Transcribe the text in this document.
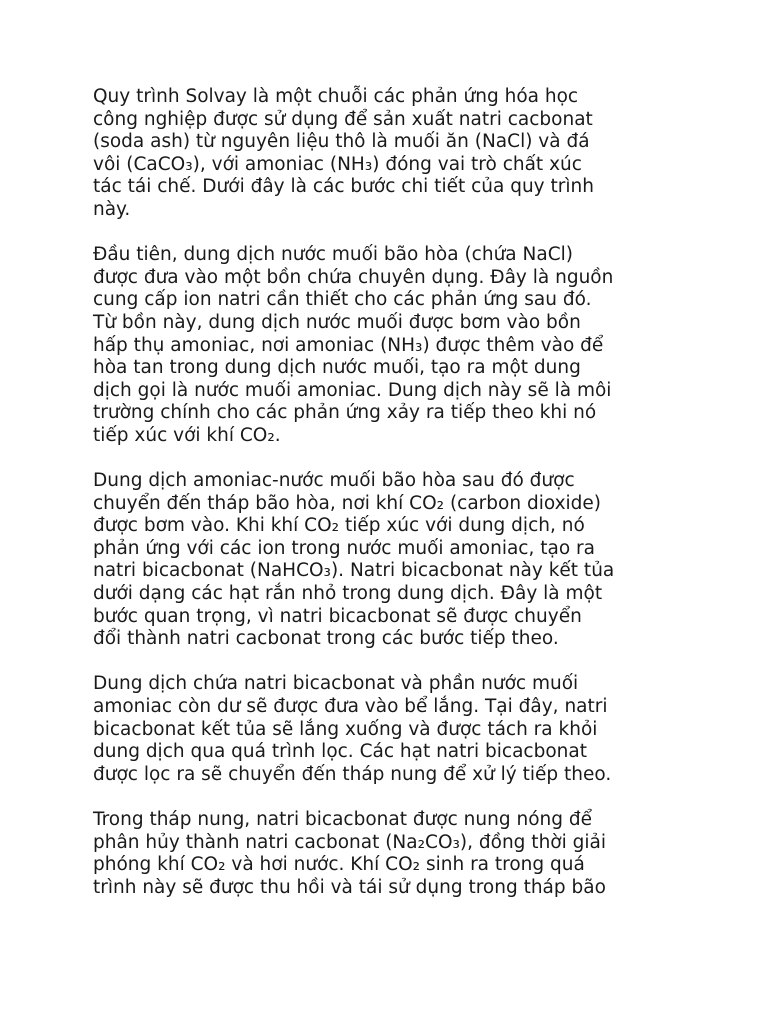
Quy trình Solvay là một chuỗi các phản ứng hóa học
công nghiệp được sử dụng để sản xuất natri cacbonat
(soda ash) từ nguyên liệu thô là muối ăn (NaCl) và đá
vôi (CaCO₃), với amoniac (NH₃) đóng vai trò chất xúc
tác tái chế. Dưới đây là các bước chi tiết của quy trình
này.

Đầu tiên, dung dịch nước muối bão hòa (chứa NaCl)
được đưa vào một bồn chứa chuyên dụng. Đây là nguồn
cung cấp ion natri cần thiết cho các phản ứng sau đó.
Từ bồn này, dung dịch nước muối được bơm vào bồn
hấp thụ amoniac, nơi amoniac (NH₃) được thêm vào để
hòa tan trong dung dịch nước muối, tạo ra một dung
dịch gọi là nước muối amoniac. Dung dịch này sẽ là môi
trường chính cho các phản ứng xảy ra tiếp theo khi nó
tiếp xúc với khí CO₂.

Dung dịch amoniac-nước muối bão hòa sau đó được
chuyển đến tháp bão hòa, nơi khí CO₂ (carbon dioxide)
được bơm vào. Khi khí CO₂ tiếp xúc với dung dịch, nó
phản ứng với các ion trong nước muối amoniac, tạo ra
natri bicacbonat (NaHCO₃). Natri bicacbonat này kết tủa
dưới dạng các hạt rắn nhỏ trong dung dịch. Đây là một
bước quan trọng, vì natri bicacbonat sẽ được chuyển
đổi thành natri cacbonat trong các bước tiếp theo.

Dung dịch chứa natri bicacbonat và phần nước muối
amoniac còn dư sẽ được đưa vào bể lắng. Tại đây, natri
bicacbonat kết tủa sẽ lắng xuống và được tách ra khỏi
dung dịch qua quá trình lọc. Các hạt natri bicacbonat
được lọc ra sẽ chuyển đến tháp nung để xử lý tiếp theo.

Trong tháp nung, natri bicacbonat được nung nóng để
phân hủy thành natri cacbonat (Na₂CO₃), đồng thời giải
phóng khí CO₂ và hơi nước. Khí CO₂ sinh ra trong quá
trình này sẽ được thu hồi và tái sử dụng trong tháp bão
